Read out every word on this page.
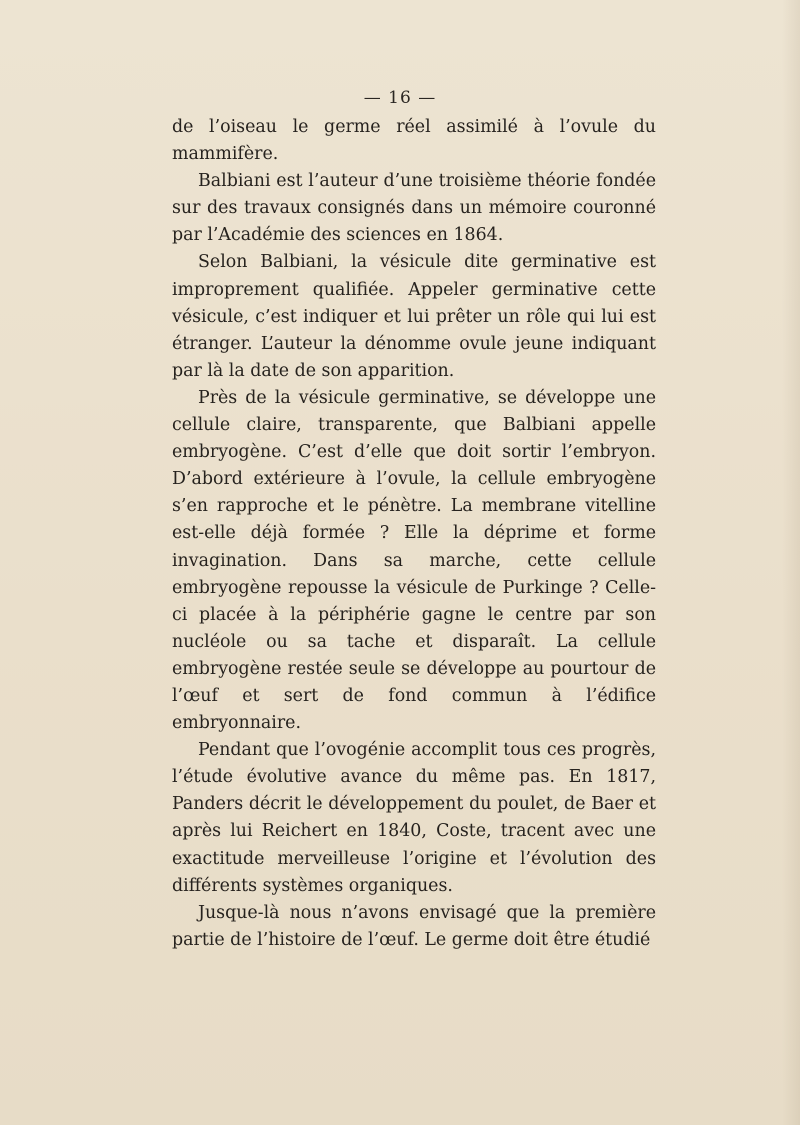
— 16 —

de l’oiseau le germe réel assimilé à l’ovule du mammifère.

Balbiani est l’auteur d’une troisième théorie fondée sur des travaux consignés dans un mémoire couronné par l’Académie des sciences en 1864.

Selon Balbiani, la vésicule dite germinative est improprement qualifiée. Appeler germinative cette vésicule, c’est indiquer et lui prêter un rôle qui lui est étranger. L’auteur la dénomme ovule jeune indiquant par là la date de son apparition.

Près de la vésicule germinative, se développe une cellule claire, transparente, que Balbiani appelle embryogène. C’est d’elle que doit sortir l’embryon. D’abord extérieure à l’ovule, la cellule embryogène s’en rapproche et le pénètre. La membrane vitelline est-elle déjà formée ? Elle la déprime et forme invagination. Dans sa marche, cette cellule embryogène repousse la vésicule de Purkinge ? Celle-ci placée à la périphérie gagne le centre par son nucléole ou sa tache et disparaît. La cellule embryogène restée seule se développe au pourtour de l’œuf et sert de fond commun à l’édifice embryonnaire.

Pendant que l’ovogénie accomplit tous ces progrès, l’étude évolutive avance du même pas. En 1817, Panders décrit le développement du poulet, de Baer et après lui Reichert en 1840, Coste, tracent avec une exactitude merveilleuse l’origine et l’évolution des différents systèmes organiques.

Jusque-là nous n’avons envisagé que la première partie de l’histoire de l’œuf. Le germe doit être étudié
